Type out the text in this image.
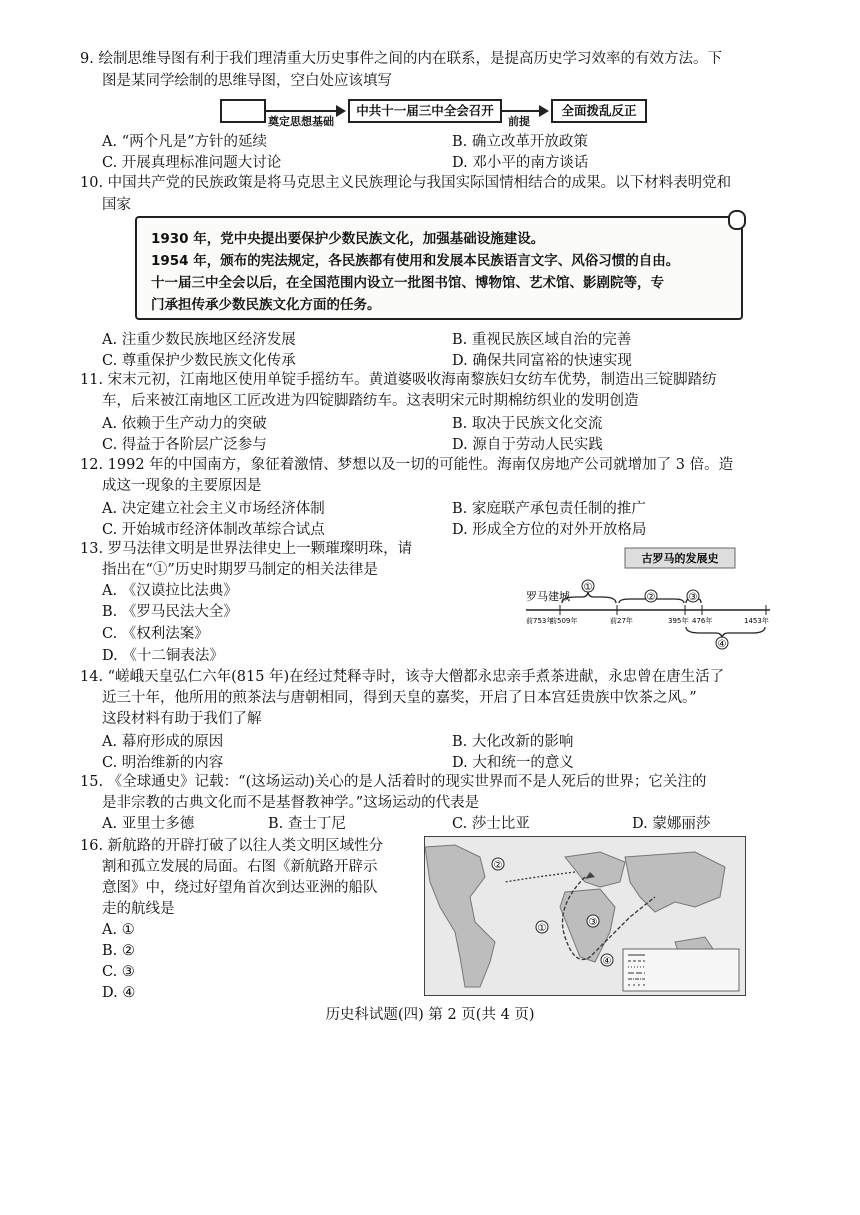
9. 绘制思维导图有利于我们理清重大历史事件之间的内在联系，是提高历史学习效率的有效方法。下
图是某同学绘制的思维导图，空白处应该填写
奠定思想基础
中共十一届三中全会召开
前提
全面拨乱反正
A. “两个凡是”方针的延续	B. 确立改革开放政策
C. 开展真理标准问题大讨论	D. 邓小平的南方谈话
10. 中国共产党的民族政策是将马克思主义民族理论与我国实际国情相结合的成果。以下材料表明党和
国家
1930 年，党中央提出要保护少数民族文化，加强基础设施建设。
1954 年，颁布的宪法规定，各民族都有使用和发展本民族语言文字、风俗习惯的自由。
十一届三中全会以后，在全国范围内设立一批图书馆、博物馆、艺术馆、影剧院等，专
门承担传承少数民族文化方面的任务。
A. 注重少数民族地区经济发展	B. 重视民族区域自治的完善
C. 尊重保护少数民族文化传承	D. 确保共同富裕的快速实现
11. 宋末元初，江南地区使用单锭手摇纺车。黄道婆吸收海南黎族妇女纺车优势，制造出三锭脚踏纺
车，后来被江南地区工匠改进为四锭脚踏纺车。这表明宋元时期棉纺织业的发明创造
A. 依赖于生产动力的突破	B. 取决于民族文化交流
C. 得益于各阶层广泛参与	D. 源自于劳动人民实践
12. 1992 年的中国南方，象征着激情、梦想以及一切的可能性。海南仅房地产公司就增加了 3 倍。造
成这一现象的主要原因是
A. 决定建立社会主义市场经济体制	B. 家庭联产承包责任制的推广
C. 开始城市经济体制改革综合试点	D. 形成全方位的对外开放格局
13. 罗马法律文明是世界法律史上一颗璀璨明珠，请
指出在“①”历史时期罗马制定的相关法律是
A. 《汉谟拉比法典》
B. 《罗马民法大全》
C. 《权利法案》
D. 《十二铜表法》
古罗马的发展史
罗马建城
前753年
前509年	前27年	395年 476年	1453年
①
②	③
④
14. “嵯峨天皇弘仁六年(815 年)在经过梵释寺时，该寺大僧都永忠亲手煮茶进献，永忠曾在唐生活了
近三十年，他所用的煎茶法与唐朝相同，得到天皇的嘉奖，开启了日本宫廷贵族中饮茶之风。”
这段材料有助于我们了解
A. 幕府形成的原因	B. 大化改新的影响
C. 明治维新的内容	D. 大和统一的意义
15. 《全球通史》记载：“(这场运动)关心的是人活着时的现实世界而不是人死后的世界；它关注的
是非宗教的古典文化而不是基督教神学。”这场运动的代表是
A. 亚里士多德	B. 查士丁尼	C. 莎士比亚	D. 蒙娜丽莎
16. 新航路的开辟打破了以往人类文明区域性分
割和孤立发展的局面。右图《新航路开辟示
意图》中，绕过好望角首次到达亚洲的船队
走的航线是
A. ①
B. ②
C. ③
D. ④
①
②
③
④
历史科试题(四) 第 2 页(共 4 页)
